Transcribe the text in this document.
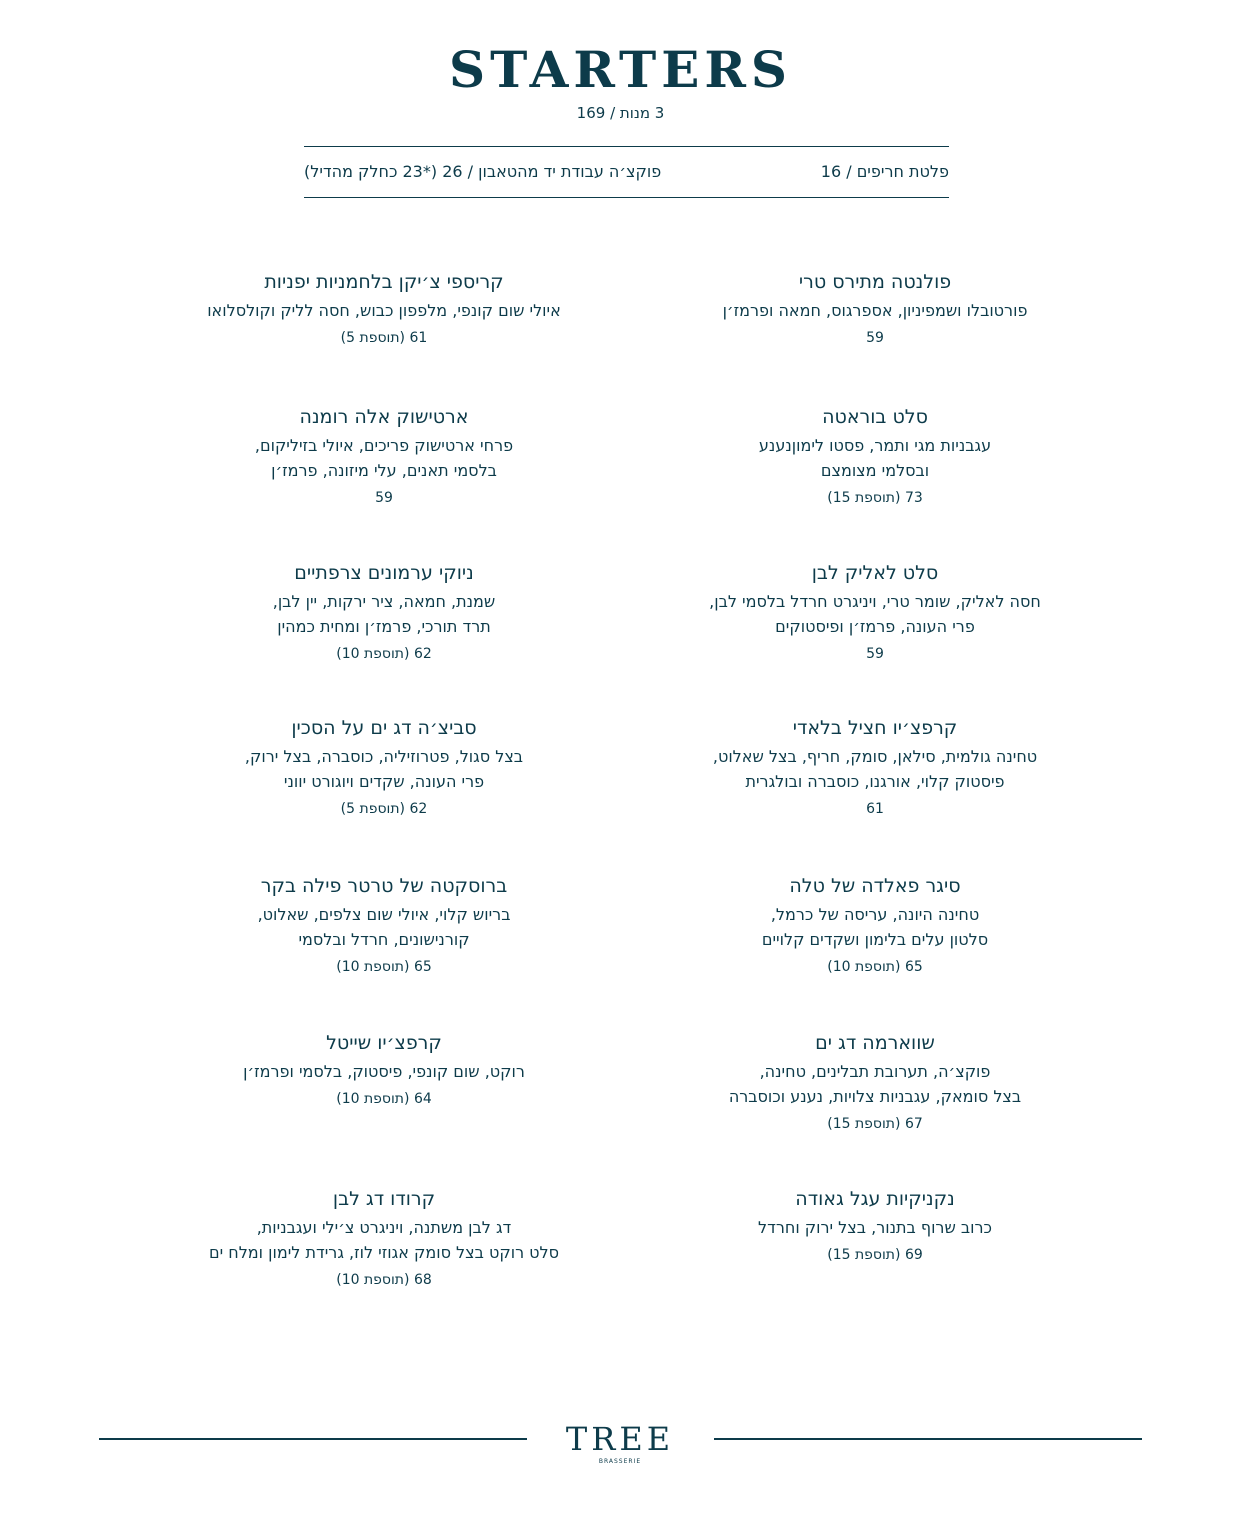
STARTERS
3 מנות / 169
פלטת חריפים / 16
פוקצ׳ה עבודת יד מהטאבון / 26 (*23 כחלק מהדיל)
פולנטה מתירס טרי
פורטובלו ושמפיניון, אספרגוס, חמאה ופרמז׳ן
59
סלט בוראטה
עגבניות מגי ותמר, פסטו לימוןנענע
ובסלמי מצומצם
73 (תוספת 15)
סלט לאליק לבן
חסה לאליק, שומר טרי, ויניגרט חרדל בלסמי לבן,
פרי העונה, פרמז׳ן ופיסטוקים
59
קרפצ׳יו חציל בלאדי
טחינה גולמית, סילאן, סומק, חריף, בצל שאלוט,
פיסטוק קלוי, אורגנו, כוסברה ובולגרית
61
סיגר פאלדה של טלה
טחינה היונה, עריסה של כרמל,
סלטון עלים בלימון ושקדים קלויים
65 (תוספת 10)
שווארמה דג ים
פוקצ׳ה, תערובת תבלינים, טחינה,
בצל סומאק, עגבניות צלויות, נענע וכוסברה
67 (תוספת 15)
נקניקיות עגל גאודה
כרוב שרוף בתנור, בצל ירוק וחרדל
69 (תוספת 15)
קריספי צ׳יקן בלחמניות יפניות
איולי שום קונפי, מלפפון כבוש, חסה לליק וקולסלואו
61 (תוספת 5)
ארטישוק אלה רומנה
פרחי ארטישוק פריכים, איולי בזיליקום,
בלסמי תאנים, עלי מיזונה, פרמז׳ן
59
ניוקי ערמונים צרפתיים
שמנת, חמאה, ציר ירקות, יין לבן,
תרד תורכי, פרמז׳ן ומחית כמהין
62 (תוספת 10)
סביצ׳ה דג ים על הסכין
בצל סגול, פטרוזיליה, כוסברה, בצל ירוק,
פרי העונה, שקדים ויוגורט יווני
62 (תוספת 5)
ברוסקטה של טרטר פילה בקר
בריוש קלוי, איולי שום צלפים, שאלוט,
קורנישונים, חרדל ובלסמי
65 (תוספת 10)
קרפצ׳יו שייטל
רוקט, שום קונפי, פיסטוק, בלסמי ופרמז׳ן
64 (תוספת 10)
קרודו דג לבן
דג לבן משתנה, ויניגרט צ׳ילי ועגבניות,
סלט רוקט בצל סומק אגוזי לוז, גרידת לימון ומלח ים
68 (תוספת 10)
TREE
BRASSERIE
